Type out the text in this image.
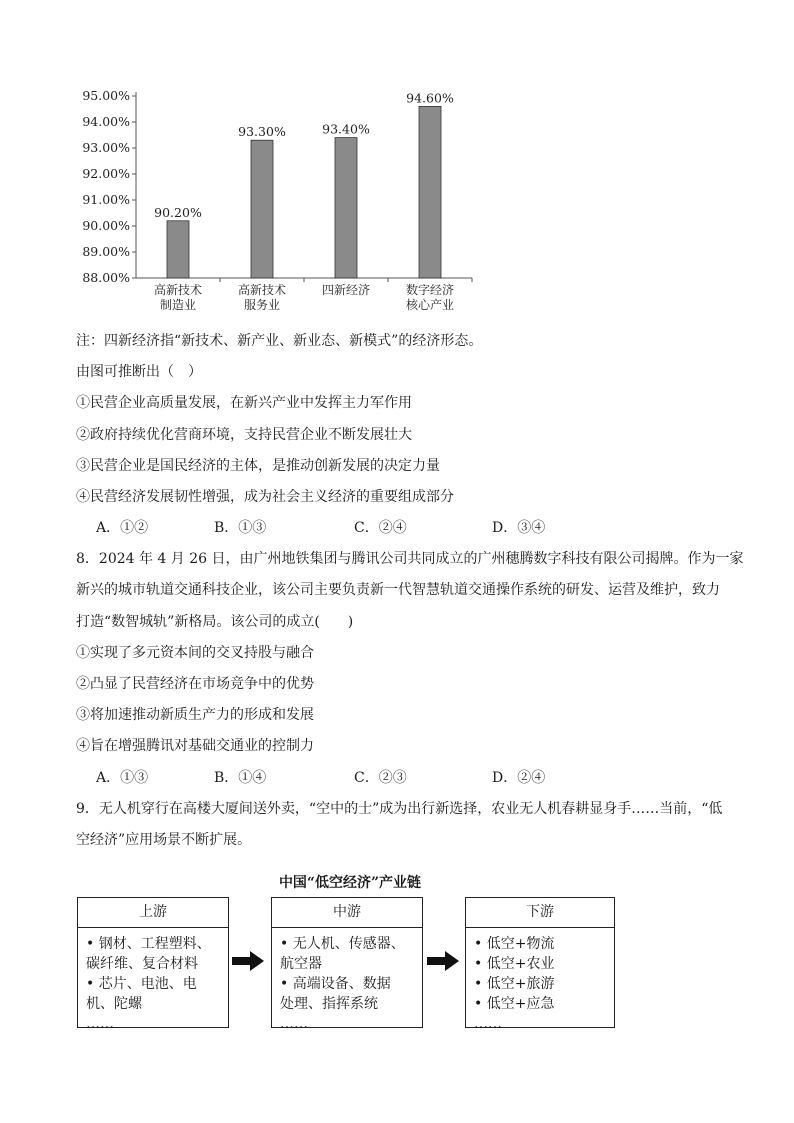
88.00%
89.00%
90.00%
91.00%
92.00%
93.00%
94.00%
95.00%
90.20%
高新技术
制造业
93.30%
高新技术
服务业
93.40%
四新经济
94.60%
数字经济
核心产业
注：四新经济指“新技术、新产业、新业态、新模式”的经济形态。
由图可推断出（　）
①民营企业高质量发展，在新兴产业中发挥主力军作用
②政府持续优化营商环境，支持民营企业不断发展壮大
③民营企业是国民经济的主体，是推动创新发展的决定力量
④民营经济发展韧性增强，成为社会主义经济的重要组成部分
A．①②	B．①③	C．②④	D．③④
8．2024 年 4 月 26 日，由广州地铁集团与腾讯公司共同成立的广州穗腾数字科技有限公司揭牌。作为一家
新兴的城市轨道交通科技企业，该公司主要负责新一代智慧轨道交通操作系统的研发、运营及维护，致力
打造“数智城轨”新格局。该公司的成立(　　)
①实现了多元资本间的交叉持股与融合
②凸显了民营经济在市场竞争中的优势
③将加速推动新质生产力的形成和发展
④旨在增强腾讯对基础交通业的控制力
A．①③	B．①④	C．②③	D．②④
9．无人机穿行在高楼大厦间送外卖，“空中的士”成为出行新选择，农业无人机春耕显身手……当前，“低
空经济”应用场景不断扩展。
中国“低空经济”产业链
上游
• 钢材、工程塑料、
碳纤维、复合材料
• 芯片、电池、电
机、陀螺
……
中游
• 无人机、传感器、
航空器
• 高端设备、数据
处理、指挥系统
……
下游
• 低空+物流
• 低空+农业
• 低空+旅游
• 低空+应急
……
